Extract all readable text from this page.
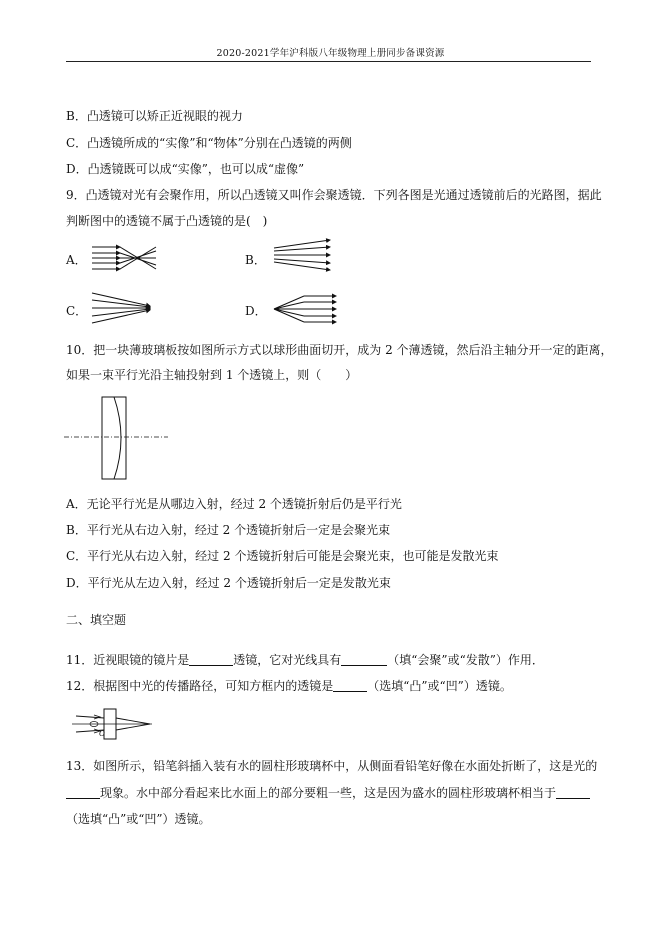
2020-2021学年沪科版八年级物理上册同步备课资源
B．凸透镜可以矫正近视眼的视力
C．凸透镜所成的“实像”和“物体”分别在凸透镜的两侧
D．凸透镜既可以成“实像”，也可以成“虚像”
9．凸透镜对光有会聚作用，所以凸透镜又叫作会聚透镜．下列各图是光通过透镜前后的光路图，据此
判断图中的透镜不属于凸透镜的是(　)
A．	B．
C．	D．
10．把一块薄玻璃板按如图所示方式以球形曲面切开，成为 2 个薄透镜，然后沿主轴分开一定的距离，
如果一束平行光沿主轴投射到 1 个透镜上，则（　　）
A．无论平行光是从哪边入射，经过 2 个透镜折射后仍是平行光
B．平行光从右边入射，经过 2 个透镜折射后一定是会聚光束
C．平行光从右边入射，经过 2 个透镜折射后可能是会聚光束，也可能是发散光束
D．平行光从左边入射，经过 2 个透镜折射后一定是发散光束
二、填空题
11．近视眼镜的镜片是	透镜，它对光线具有	（填“会聚”或“发散”）作用．
12．根据图中光的传播路径，可知方框内的透镜是	（选填“凸”或“凹”）透镜。
O
13．如图所示，铅笔斜插入装有水的圆柱形玻璃杯中，从侧面看铅笔好像在水面处折断了，这是光的
现象。水中部分看起来比水面上的部分要粗一些，这是因为盛水的圆柱形玻璃杯相当于
（选填“凸”或“凹”）透镜。
